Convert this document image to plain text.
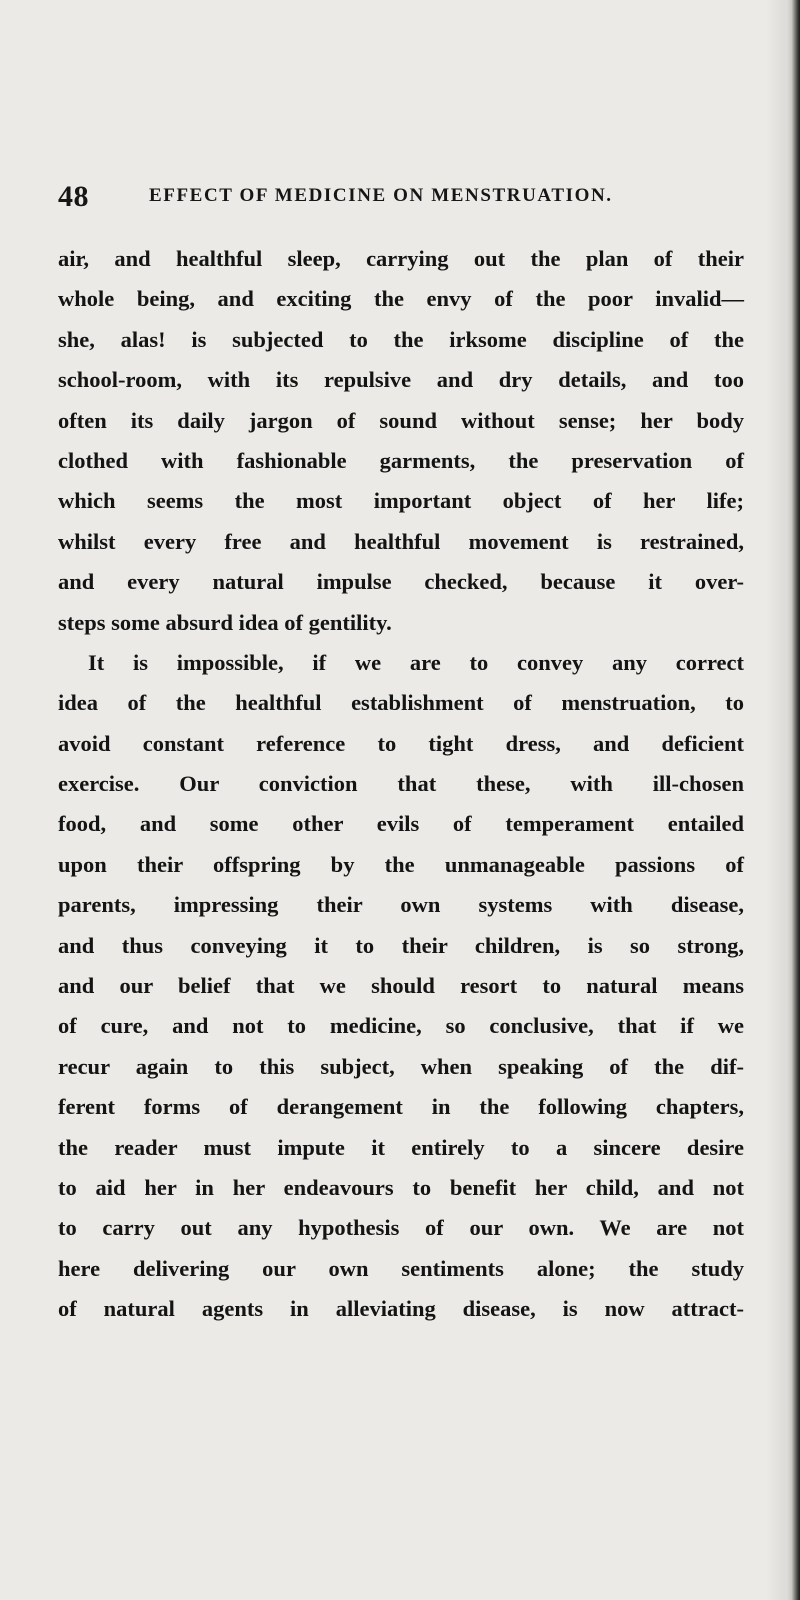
48	EFFECT OF MEDICINE ON MENSTRUATION.
air, and healthful sleep, carrying out the plan of their
whole being, and exciting the envy of the poor invalid—
she, alas! is subjected to the irksome discipline of the
school-room, with its repulsive and dry details, and too
often its daily jargon of sound without sense; her body
clothed with fashionable garments, the preservation of
which seems the most important object of her life;
whilst every free and healthful movement is restrained,
and every natural impulse checked, because it over-
steps some absurd idea of gentility.
It is impossible, if we are to convey any correct
idea of the healthful establishment of menstruation, to
avoid constant reference to tight dress, and deficient
exercise. Our conviction that these, with ill-chosen
food, and some other evils of temperament entailed
upon their offspring by the unmanageable passions of
parents, impressing their own systems with disease,
and thus conveying it to their children, is so strong,
and our belief that we should resort to natural means
of cure, and not to medicine, so conclusive, that if we
recur again to this subject, when speaking of the dif-
ferent forms of derangement in the following chapters,
the reader must impute it entirely to a sincere desire
to aid her in her endeavours to benefit her child, and not
to carry out any hypothesis of our own. We are not
here delivering our own sentiments alone; the study
of natural agents in alleviating disease, is now attract-
